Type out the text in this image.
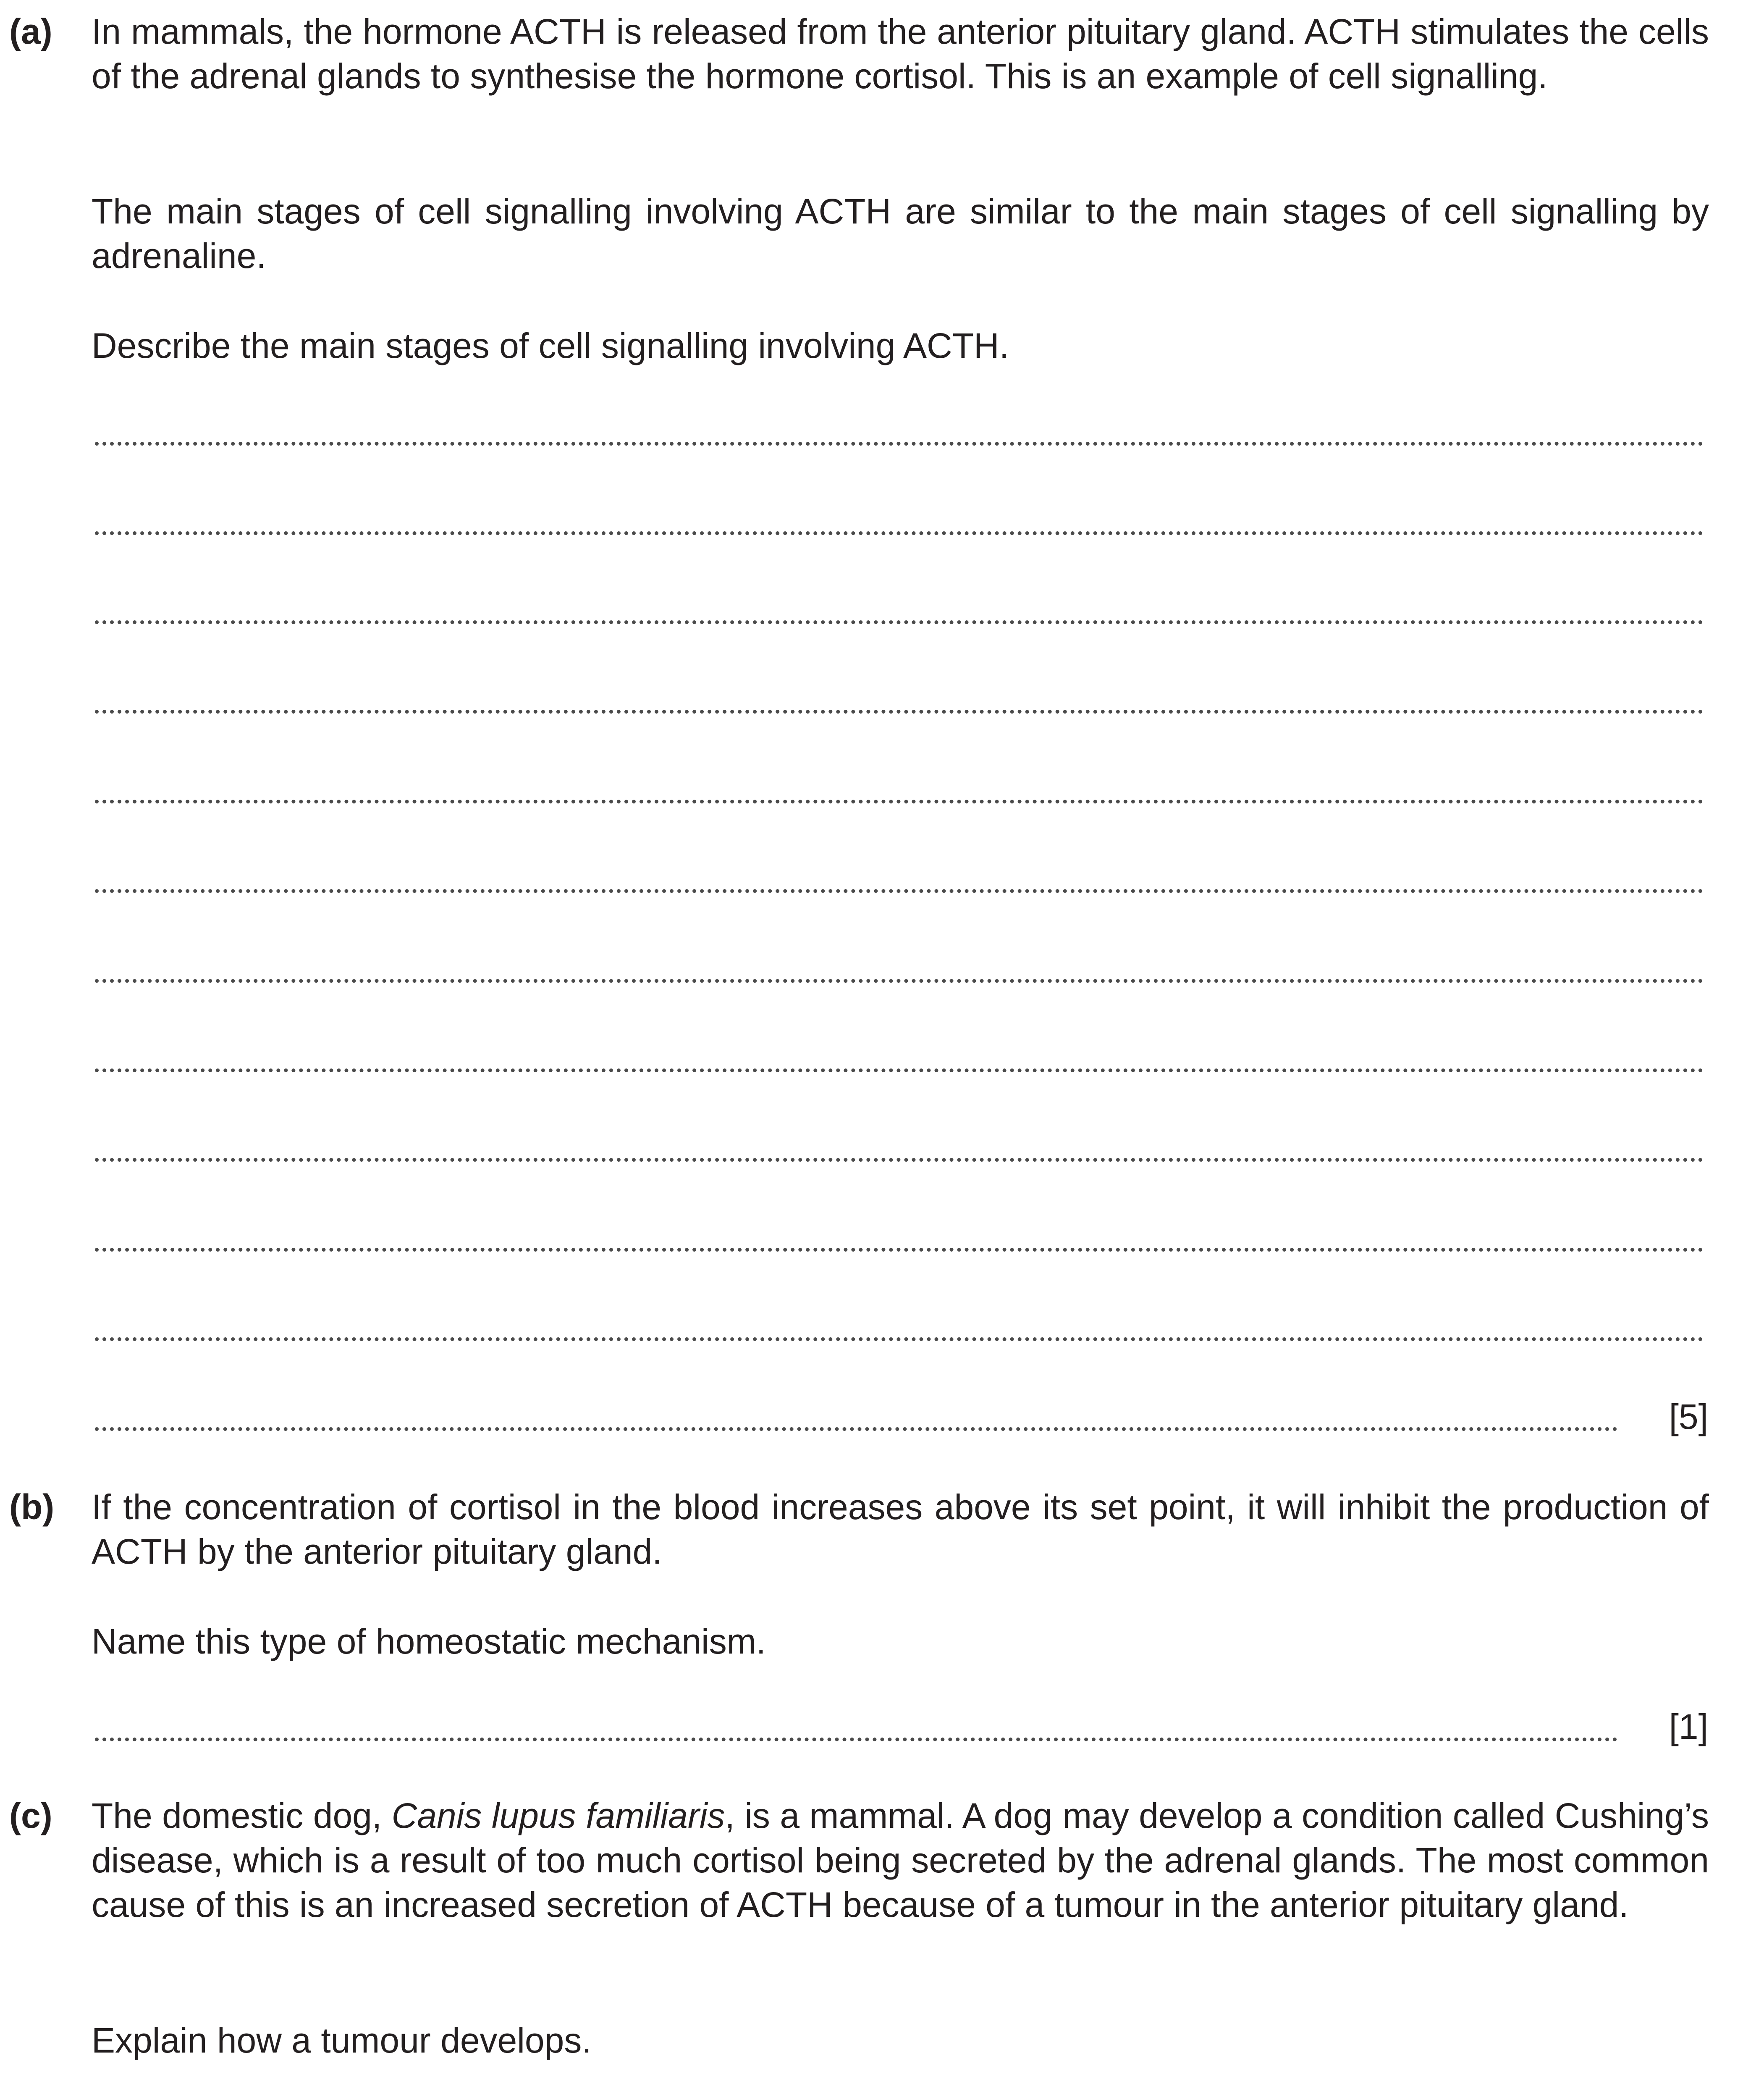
(a) In mammals, the hormone ACTH is released from the anterior pituitary gland. ACTH stimulates the cells of the adrenal glands to synthesise the hormone cortisol. This is an example of cell signalling.
The main stages of cell signalling involving ACTH are similar to the main stages of cell signalling by adrenaline.
Describe the main stages of cell signalling involving ACTH.
[5]
(b) If the concentration of cortisol in the blood increases above its set point, it will inhibit the production of ACTH by the anterior pituitary gland.
Name this type of homeostatic mechanism.
[1]
(c) The domestic dog, Canis lupus familiaris, is a mammal. A dog may develop a condition called Cushing’s disease, which is a result of too much cortisol being secreted by the adrenal glands. The most common cause of this is an increased secretion of ACTH because of a tumour in the anterior pituitary gland.
Explain how a tumour develops.
